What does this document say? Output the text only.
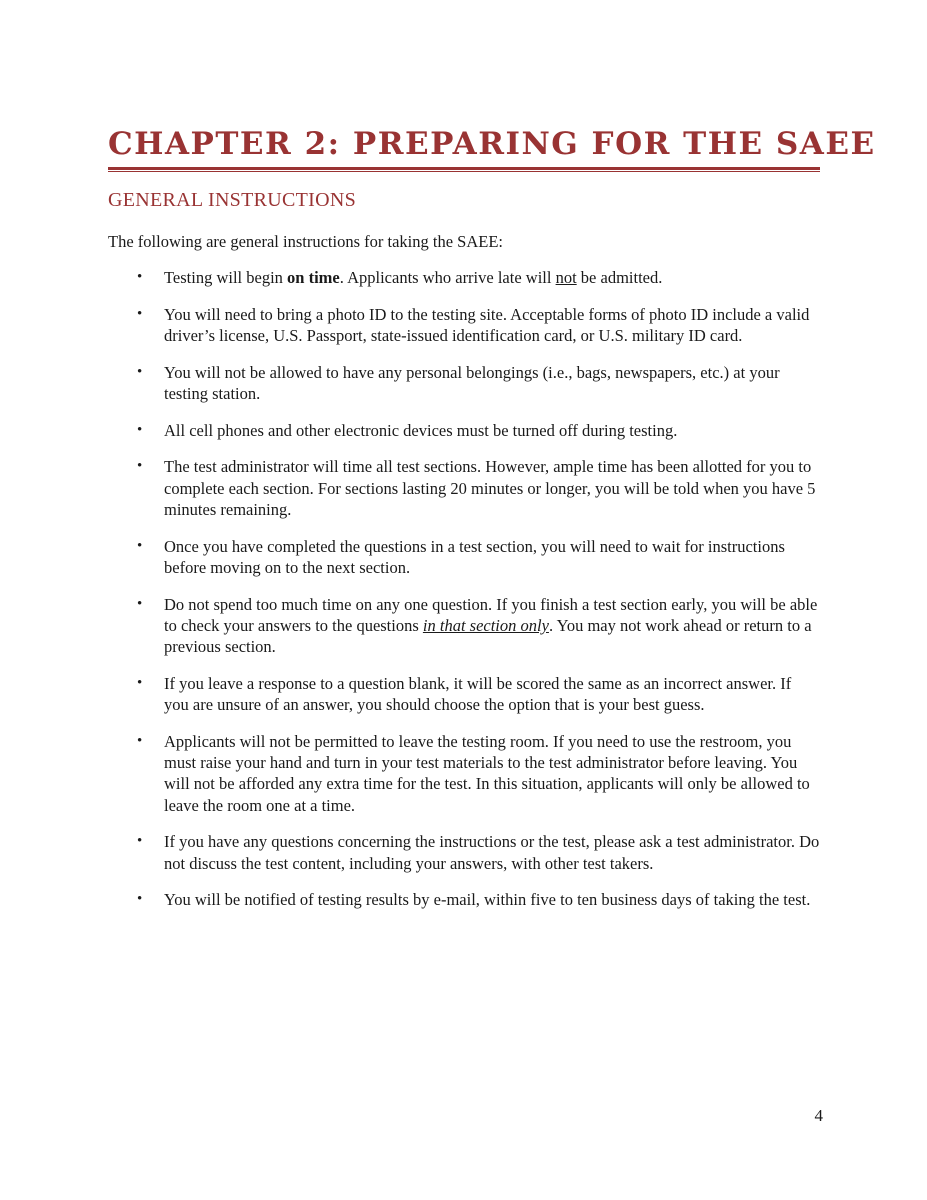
CHAPTER 2: PREPARING FOR THE SAEE
GENERAL INSTRUCTIONS

The following are general instructions for taking the SAEE:

• Testing will begin on time. Applicants who arrive late will not be admitted.
• You will need to bring a photo ID to the testing site. Acceptable forms of photo ID include a valid driver’s license, U.S. Passport, state-issued identification card, or U.S. military ID card.
• You will not be allowed to have any personal belongings (i.e., bags, newspapers, etc.) at your testing station.
• All cell phones and other electronic devices must be turned off during testing.
• The test administrator will time all test sections. However, ample time has been allotted for you to complete each section. For sections lasting 20 minutes or longer, you will be told when you have 5 minutes remaining.
• Once you have completed the questions in a test section, you will need to wait for instructions before moving on to the next section.
• Do not spend too much time on any one question. If you finish a test section early, you will be able to check your answers to the questions in that section only. You may not work ahead or return to a previous section.
• If you leave a response to a question blank, it will be scored the same as an incorrect answer. If you are unsure of an answer, you should choose the option that is your best guess.
• Applicants will not be permitted to leave the testing room. If you need to use the restroom, you must raise your hand and turn in your test materials to the test administrator before leaving. You will not be afforded any extra time for the test. In this situation, applicants will only be allowed to leave the room one at a time.
• If you have any questions concerning the instructions or the test, please ask a test administrator. Do not discuss the test content, including your answers, with other test takers.
• You will be notified of testing results by e-mail, within five to ten business days of taking the test.
4
